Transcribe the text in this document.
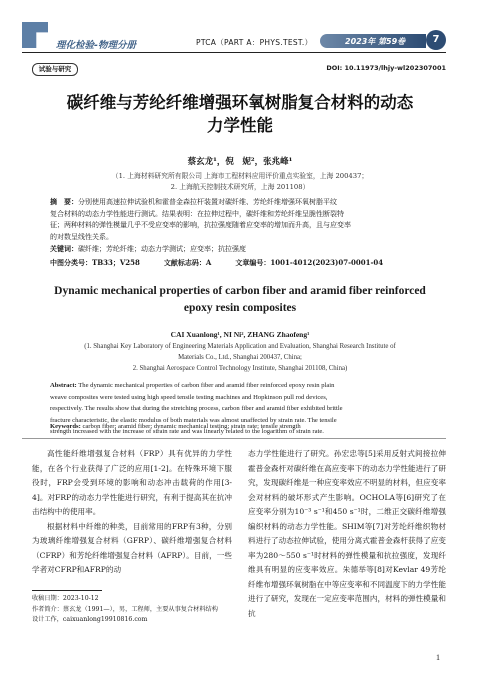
理化检验-物理分册	PTCA（PART A：PHYS.TEST.）	2023年 第59卷	7
试验与研究	DOI: 10.11973/lhjy-wl202307001
碳纤维与芳纶纤维增强环氧树脂复合材料的动态
力学性能
蔡玄龙¹，倪　妮²，张兆峰¹
（1. 上海材料研究所有限公司 上海市工程材料应用评价重点实验室，上海 200437；
2. 上海航天控制技术研究所，上海 201108）
摘　要：分别使用高速拉伸试验机和霍普金森拉杆装置对碳纤维、芳纶纤维增强环氧树脂平纹
复合材料的动态力学性能进行测试。结果表明：在拉伸过程中，碳纤维和芳纶纤维呈脆性断裂特
征；两种材料的弹性模量几乎不受应变率的影响，抗拉强度随着应变率的增加而升高，且与应变率
的对数呈线性关系。
关键词：碳纤维；芳纶纤维；动态力学测试；应变率；抗拉强度
中图分类号：TB33；V258	文献标志码：A	文章编号：1001-4012(2023)07-0001-04
Dynamic mechanical properties of carbon fiber and aramid fiber reinforced
epoxy resin composites
CAI Xuanlong¹, NI Ni², ZHANG Zhaofeng¹
(1. Shanghai Key Laboratory of Engineering Materials Application and Evaluation, Shanghai Research Institute of
Materials Co., Ltd., Shanghai 200437, China;
2. Shanghai Aerospace Control Technology Institute, Shanghai 201108, China)
Abstract: The dynamic mechanical properties of carbon fiber and aramid fiber reinforced epoxy resin plain
weave composites were tested using high speed tensile testing machines and Hopkinson pull rod devices,
respectively. The results show that during the stretching process, carbon fiber and aramid fiber exhibited brittle
fracture characteristic, the elastic modulus of both materials was almost unaffected by strain rate. The tensile
strength increased with the increase of strain rate and was linearly related to the logarithm of strain rate.
Keywords: carbon fiber; aramid fiber; dynamic mechanical testing; strain rate; tensile strength

高性能纤维增强复合材料（FRP）具有优异的力学性能，在各个行业获得了广泛的应用[1-2]。在特殊环境下服役时，FRP会受到环境的影响和动态冲击载荷的作用[3-4]。对FRP的动态力学性能进行研究，有利于提高其在抗冲击结构中的使用率。

根据材料中纤维的种类，目前常用的FRP有3种，分别为玻璃纤维增强复合材料（GFRP）、碳纤维增强复合材料（CFRP）和芳纶纤维增强复合材料（AFRP）。目前，一些学者对CFRP和AFRP的动

态力学性能进行了研究。孙宏忠等[5]采用反射式间接拉伸霍普金森杆对碳纤维在高应变率下的动态力学性能进行了研究，发现碳纤维是一种应变率效应不明显的材料，但应变率会对材料的破坏形式产生影响。OCHOLA等[6]研究了在应变率分别为10⁻³ s⁻¹和450 s⁻¹时，二维正交碳纤维增强编织材料的动态力学性能。SHIM等[7]对芳纶纤维织物材料进行了动态拉伸试验，使用分离式霍普金森杆获得了应变率为280～550 s⁻¹时材料的弹性模量和抗拉强度，发现纤维具有明显的应变率效应。朱德举等[8]对Kevlar 49芳纶纤维布增强环氧树脂在中等应变率和不同温度下的力学性能进行了研究，发现在一定应变率范围内，材料的弹性模量和抗

收稿日期：2023-10-12
作者简介：蔡玄龙（1991—），男，工程师，主要从事复合材料结构
设计工作，caixuanlong19910816.com
1
